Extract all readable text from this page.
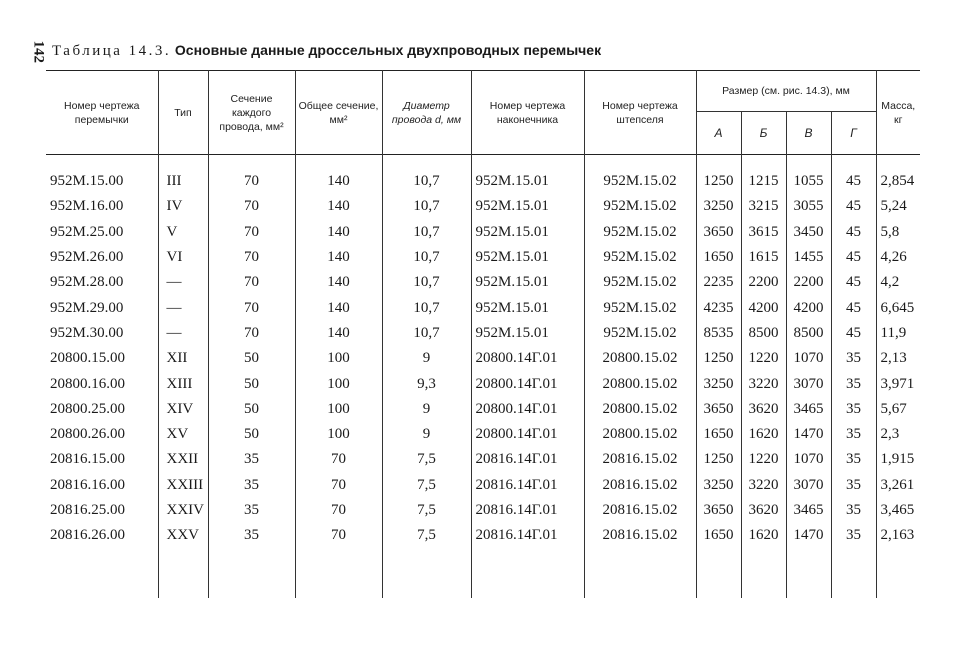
142 Таблица 14.3. Основные данные дроссельных двухпроводных перемычек
Номер чертежа перемычки	Тип	Сечение каждого провода, мм²	Общее сечение, мм²	Диаметр провода d, мм	Номер чертежа наконечника	Номер чертежа штепселя	Размер (см. рис. 14.3), мм				Масса, кг
							А	Б	В	Г	
952M.15.00	III	70	140	10,7	952M.15.01	952M.15.02	1250	1215	1055	45	2,854
952M.16.00	IV	70	140	10,7	952M.15.01	952M.15.02	3250	3215	3055	45	5,24
952M.25.00	V	70	140	10,7	952M.15.01	952M.15.02	3650	3615	3450	45	5,8
952M.26.00	VI	70	140	10,7	952M.15.01	952M.15.02	1650	1615	1455	45	4,26
952M.28.00	—	70	140	10,7	952M.15.01	952M.15.02	2235	2200	2200	45	4,2
952M.29.00	—	70	140	10,7	952M.15.01	952M.15.02	4235	4200	4200	45	6,645
952M.30.00	—	70	140	10,7	952M.15.01	952M.15.02	8535	8500	8500	45	11,9
20800.15.00	XII	50	100	9	20800.14Г.01	20800.15.02	1250	1220	1070	35	2,13
20800.16.00	XIII	50	100	9,3	20800.14Г.01	20800.15.02	3250	3220	3070	35	3,971
20800.25.00	XIV	50	100	9	20800.14Г.01	20800.15.02	3650	3620	3465	35	5,67
20800.26.00	XV	50	100	9	20800.14Г.01	20800.15.02	1650	1620	1470	35	2,3
20816.15.00	XXII	35	70	7,5	20816.14Г.01	20816.15.02	1250	1220	1070	35	1,915
20816.16.00	XXIII	35	70	7,5	20816.14Г.01	20816.15.02	3250	3220	3070	35	3,261
20816.25.00	XXIV	35	70	7,5	20816.14Г.01	20816.15.02	3650	3620	3465	35	3,465
20816.26.00	XXV	35	70	7,5	20816.14Г.01	20816.15.02	1650	1620	1470	35	2,163
